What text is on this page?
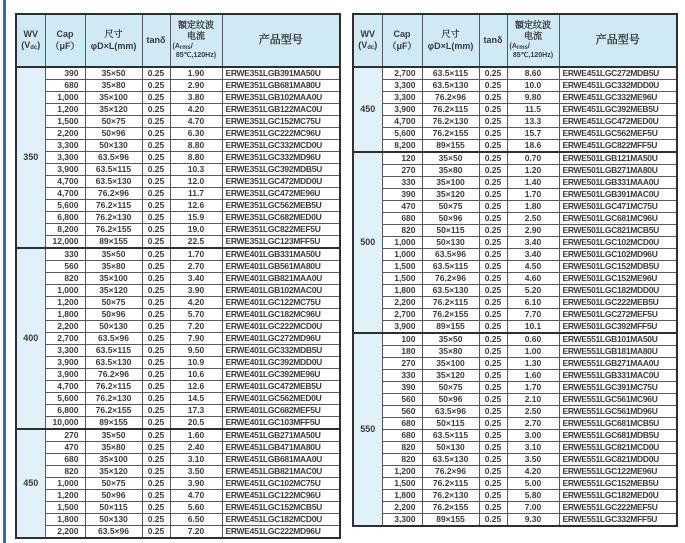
WV
$(V_{dc})$	Cap
（μF）	尺寸
φD×L(mm)	tanδ	額定纹波
电流
($A_{rms}/$
85℃,120Hz)	产品型号
350	390	35×50	0.25	1.90	ERWE351LGB391MA50U
	680	35×80	0.25	2.90	ERWE351LGB681MA80U
	1,000	35×100	0.25	3.80	ERWE351LGB102MAA0U
	1,200	35×120	0.25	4.20	ERWE351LGB122MAC0U
	1,500	50×75	0.25	4.70	ERWE351LGC152MC75U
	2,200	50×96	0.25	6.30	ERWE351LGC222MC96U
	3,300	50×130	0.25	8.80	ERWE351LGC332MCD0U
	3,300	63.5×96	0.25	8.80	ERWE351LGC332MD96U
	3,900	63.5×115	0.25	10.3	ERWE351LGC392MDB5U
	4,700	63.5×130	0.25	12.0	ERWE351LGC472MDD0U
	4,700	76.2×96	0.25	11.7	ERWE351LGC472ME96U
	5,600	76.2×115	0.25	12.6	ERWE351LGC562MEB5U
	6,800	76.2×130	0.25	15.9	ERWE351LGC682MED0U
	8,200	76.2×155	0.25	19.0	ERWE351LGC822MEF5U
	12,000	89×155	0.25	22.5	ERWE351LGC123MFF5U
400	330	35×50	0.25	1.70	ERWE401LGB331MA50U
	560	35×80	0.25	2.70	ERWE401LGB561MA80U
	820	35×100	0.25	3.40	ERWE401LGB821MAA0U
	1,000	35×120	0.25	3.90	ERWE401LGB102MAC0U
	1,200	50×75	0.25	4.20	ERWE401LGC122MC75U
	1,800	50×96	0.25	5.70	ERWE401LGC182MC96U
	2,200	50×130	0.25	7.20	ERWE401LGC222MCD0U
	2,700	63.5×96	0.25	7.90	ERWE401LGC272MD96U
	3,300	63.5×115	0.25	9.50	ERWE401LGC332MDB5U
	3,900	63.5×130	0.25	10.9	ERWE401LGC392MDD0U
	3,900	76.2×96	0.25	10.6	ERWE401LGC392ME96U
	4,700	76.2×115	0.25	12.6	ERWE401LGC472MEB5U
	5,600	76.2×130	0.25	14.5	ERWE401LGC562MED0U
	6,800	76.2×155	0.25	17.3	ERWE401LGC682MEF5U
	10,000	89×155	0.25	20.5	ERWE401LGC103MFF5U
450	270	35×50	0.25	1.60	ERWE451LGB271MA50U
	470	35×80	0.25	2.40	ERWE451LGB471MA80U
	680	35×100	0.25	3.10	ERWE451LGB681MAA0U
	820	35×120	0.25	3.50	ERWE451LGB821MAC0U
	1,000	50×75	0.25	3.90	ERWE451LGC102MC75U
	1,200	50×96	0.25	4.70	ERWE451LGC122MC96U
	1,500	50×115	0.25	5.60	ERWE451LGC152MCB5U
	1,800	50×130	0.25	6.50	ERWE451LGC182MCD0U
	2,200	63.5×96	0.25	7.20	ERWE451LGC222MD96U
WV
$(V_{dc})$	Cap
（μF）	尺寸
φD×L(mm)	tanδ	額定纹波
电流
($A_{rms}/$
85℃,120Hz)	产品型号
450	2,700	63.5×115	0.25	8.60	ERWE451LGC272MDB5U
	3,300	63.5×130	0.25	10.0	ERWE451LGC332MDD0U
	3,300	76.2×96	0.25	9.80	ERWE451LGC332ME96U
	3,900	76.2×115	0.25	11.5	ERWE451LGC392MEB5U
	4,700	76.2×130	0.25	13.3	ERWE451LGC472MED0U
	5,600	76.2×155	0.25	15.7	ERWE451LGC562MEF5U
	8,200	89×155	0.25	18.6	ERWE451LGC822MFF5U
500	120	35×50	0.25	0.70	ERWE501LGB121MA50U
	270	35×80	0.25	1.20	ERWE501LGB271MA80U
	330	35×100	0.25	1.40	ERWE501LGB331MAA0U
	390	35×120	0.25	1.70	ERWE501LGB391MAC0U
	470	50×75	0.25	1.80	ERWE501LGC471MC75U
	680	50×96	0.25	2.50	ERWE501LGC681MC96U
	820	50×115	0.25	2.90	ERWE501LGC821MCB5U
	1,000	50×130	0.25	3.40	ERWE501LGC102MCD0U
	1,000	63.5×96	0.25	3.40	ERWE501LGC102MD96U
	1,500	63.5×115	0.25	4.50	ERWE501LGC152MDB5U
	1,500	76.2×96	0.25	4.60	ERWE501LGC152ME96U
	1,800	63.5×130	0.25	5.20	ERWE501LGC182MDD0U
	2,200	76.2×115	0.25	6.10	ERWE501LGC222MEB5U
	2,700	76.2×155	0.25	7.70	ERWE501LGC272MEF5U
	3,900	89×155	0.25	10.1	ERWE501LGC392MFF5U
550	100	35×50	0.25	0.60	ERWE551LGB101MA50U
	180	35×80	0.25	1.00	ERWE551LGB181MA80U
	270	35×100	0.25	1.30	ERWE551LGB271MAA0U
	330	35×120	0.25	1.60	ERWE551LGB331MAC0U
	390	50×75	0.25	1.70	ERWE551LGC391MC75U
	560	50×96	0.25	2.10	ERWE551LGC561MC96U
	560	63.5×96	0.25	2.50	ERWE551LGC561MD96U
	680	50×115	0.25	2.70	ERWE551LGC681MCB5U
	680	63.5×115	0.25	3.00	ERWE551LGC681MDB5U
	820	50×130	0.25	3.10	ERWE551LGC821MCD0U
	820	63.5×130	0.25	3.50	ERWE551LGC821MDD0U
	1,200	76.2×96	0.25	4.20	ERWE551LGC122ME96U
	1,500	76.2×115	0.25	5.00	ERWE551LGC152MEB5U
	1,800	76.2×130	0.25	5.80	ERWE551LGC182MED0U
	2,200	76.2×155	0.25	7.00	ERWE551LGC222MEF5U
	3,300	89×155	0.25	9.30	ERWE551LGC332MFF5U
